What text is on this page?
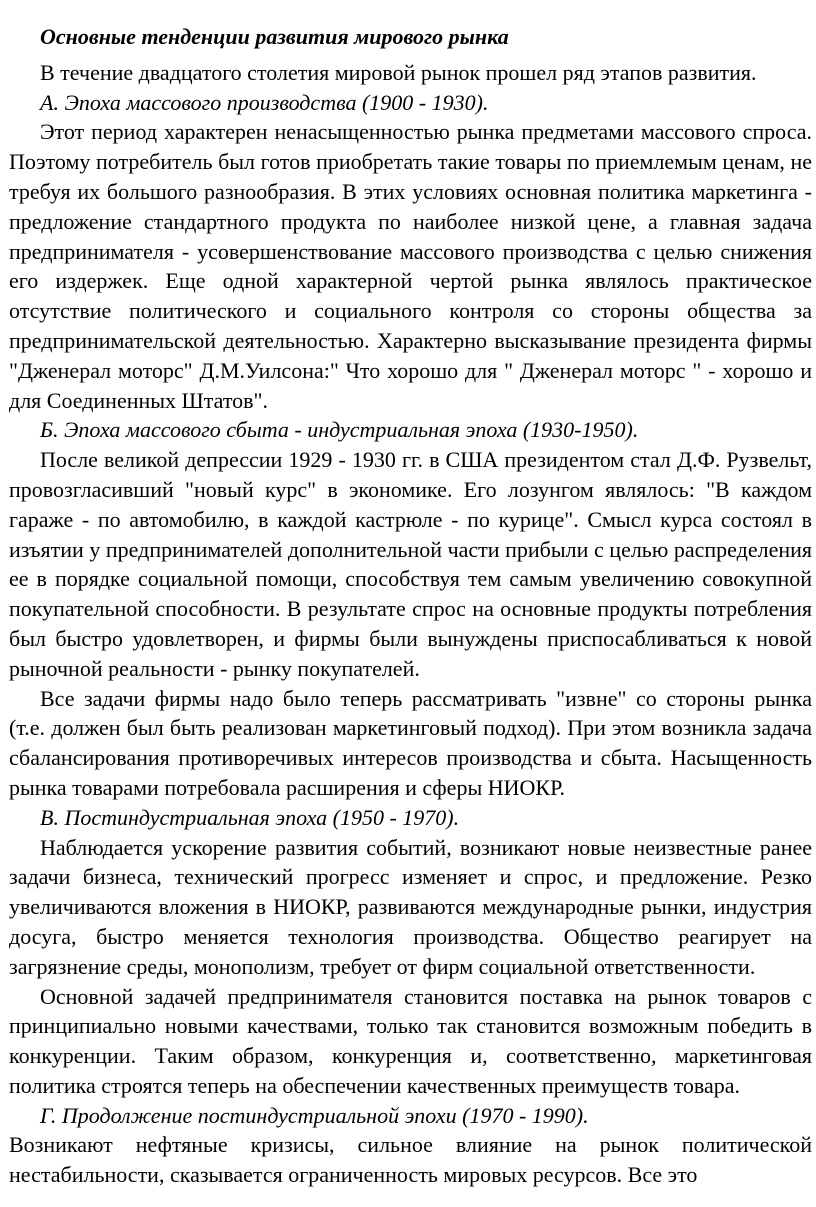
Основные тенденции развития мирового рынка

В течение двадцатого столетия мировой рынок прошел ряд этапов развития.

А. Эпоха массового производства (1900 - 1930).

Этот период характерен ненасыщенностью рынка предметами массового спроса. Поэтому потребитель был готов приобретать такие товары по приемлемым ценам, не требуя их большого разнообразия. В этих условиях основная политика маркетинга - предложение стандартного продукта по наиболее низкой цене, а главная задача предпринимателя - усовершенствование массового производства с целью снижения его издержек. Еще одной характерной чертой рынка являлось практическое отсутствие политического и социального контроля со стороны общества за предпринимательской деятельностью. Характерно высказывание президента фирмы "Дженерал моторс" Д.М.Уилсона:" Что хорошо для " Дженерал моторс " - хорошо и для Соединенных Штатов".

Б. Эпоха массового сбыта - индустриальная эпоха (1930-1950).

После великой депрессии 1929 - 1930 гг. в США президентом стал Д.Ф. Рузвельт, провозгласивший "новый курс" в экономике. Его лозунгом являлось: "В каждом гараже - по автомобилю, в каждой кастрюле - по курице". Смысл курса состоял в изъятии у предпринимателей дополнительной части прибыли с целью распределения ее в порядке социальной помощи, способствуя тем самым увеличению совокупной покупательной способности. В результате спрос на основные продукты потребления был быстро удовлетворен, и фирмы были вынуждены приспосабливаться к новой рыночной реальности - рынку покупателей.

Все задачи фирмы надо было теперь рассматривать "извне" со стороны рынка (т.е. должен был быть реализован маркетинговый подход). При этом возникла задача сбалансирования противоречивых интересов производства и сбыта. Насыщенность рынка товарами потребовала расширения и сферы НИОКР.

В. Постиндустриальная эпоха (1950 - 1970).

Наблюдается ускорение развития событий, возникают новые неизвестные ранее задачи бизнеса, технический прогресс изменяет и спрос, и предложение. Резко увеличиваются вложения в НИОКР, развиваются международные рынки, индустрия досуга, быстро меняется технология производства. Общество реагирует на загрязнение среды, монополизм, требует от фирм социальной ответственности.

Основной задачей предпринимателя становится поставка на рынок товаров с принципиально новыми качествами, только так становится возможным победить в конкуренции. Таким образом, конкуренция и, соответственно, маркетинговая политика строятся теперь на обеспечении качественных преимуществ товара.

Г. Продолжение постиндустриальной эпохи (1970 - 1990).

Возникают нефтяные кризисы, сильное влияние на рынок политической нестабильности, сказывается ограниченность мировых ресурсов. Все это
